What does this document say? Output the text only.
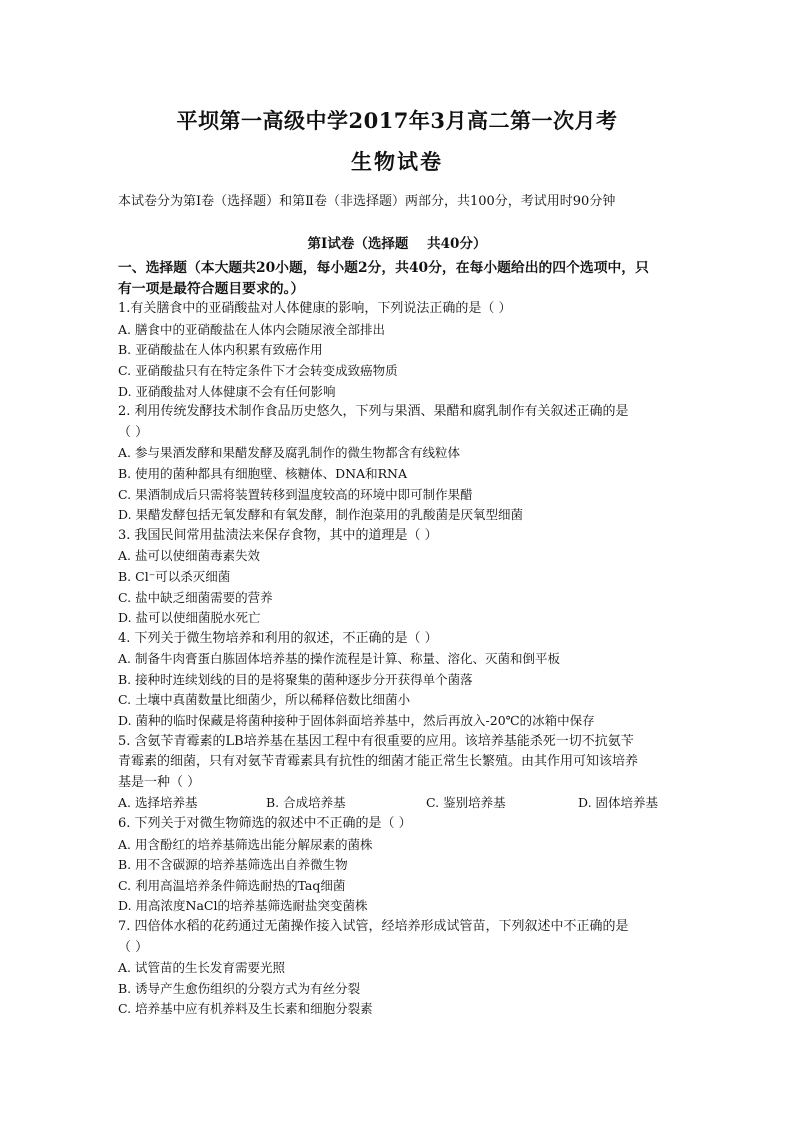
平坝第一高级中学2017年3月高二第一次月考
生物试卷
本试卷分为第Ⅰ卷（选择题）和第Ⅱ卷（非选择题）两部分，共100分，考试用时90分钟
第Ⅰ试卷（选择题    共40分）
一、选择题（本大题共20小题，每小题2分，共40分，在每小题给出的四个选项中，只
有一项是最符合题目要求的。）
1.有关膳食中的亚硝酸盐对人体健康的影响，下列说法正确的是（ ）
A. 膳食中的亚硝酸盐在人体内会随尿液全部排出
B. 亚硝酸盐在人体内积累有致癌作用
C. 亚硝酸盐只有在特定条件下才会转变成致癌物质
D. 亚硝酸盐对人体健康不会有任何影响
2. 利用传统发酵技术制作食品历史悠久，下列与果酒、果醋和腐乳制作有关叙述正确的是
（ ）
A. 参与果酒发酵和果醋发酵及腐乳制作的微生物都含有线粒体
B. 使用的菌种都具有细胞壁、核糖体、DNA和RNA
C. 果酒制成后只需将装置转移到温度较高的环境中即可制作果醋
D. 果醋发酵包括无氧发酵和有氧发酵，制作泡菜用的乳酸菌是厌氧型细菌
3. 我国民间常用盐渍法来保存食物，其中的道理是（ ）
A. 盐可以使细菌毒素失效
B. Cl⁻可以杀灭细菌
C. 盐中缺乏细菌需要的营养
D. 盐可以使细菌脱水死亡
4. 下列关于微生物培养和利用的叙述，不正确的是（ ）
A. 制备牛肉膏蛋白胨固体培养基的操作流程是计算、称量、溶化、灭菌和倒平板
B. 接种时连续划线的目的是将聚集的菌种逐步分开获得单个菌落
C. 土壤中真菌数量比细菌少，所以稀释倍数比细菌小
D. 菌种的临时保藏是将菌种接种于固体斜面培养基中，然后再放入-20℃的冰箱中保存
5. 含氨苄青霉素的LB培养基在基因工程中有很重要的应用。该培养基能杀死一切不抗氨苄
青霉素的细菌，只有对氨苄青霉素具有抗性的细菌才能正常生长繁殖。由其作用可知该培养
基是一种（ ）
A. 选择培养基	B. 合成培养基	C. 鉴别培养基	D. 固体培养基
6. 下列关于对微生物筛选的叙述中不正确的是（ ）
A. 用含酚红的培养基筛选出能分解尿素的菌株
B. 用不含碳源的培养基筛选出自养微生物
C. 利用高温培养条件筛选耐热的Taq细菌
D. 用高浓度NaCl的培养基筛选耐盐突变菌株
7. 四倍体水稻的花药通过无菌操作接入试管，经培养形成试管苗，下列叙述中不正确的是
（ ）
A. 试管苗的生长发育需要光照
B. 诱导产生愈伤组织的分裂方式为有丝分裂
C. 培养基中应有机养料及生长素和细胞分裂素
